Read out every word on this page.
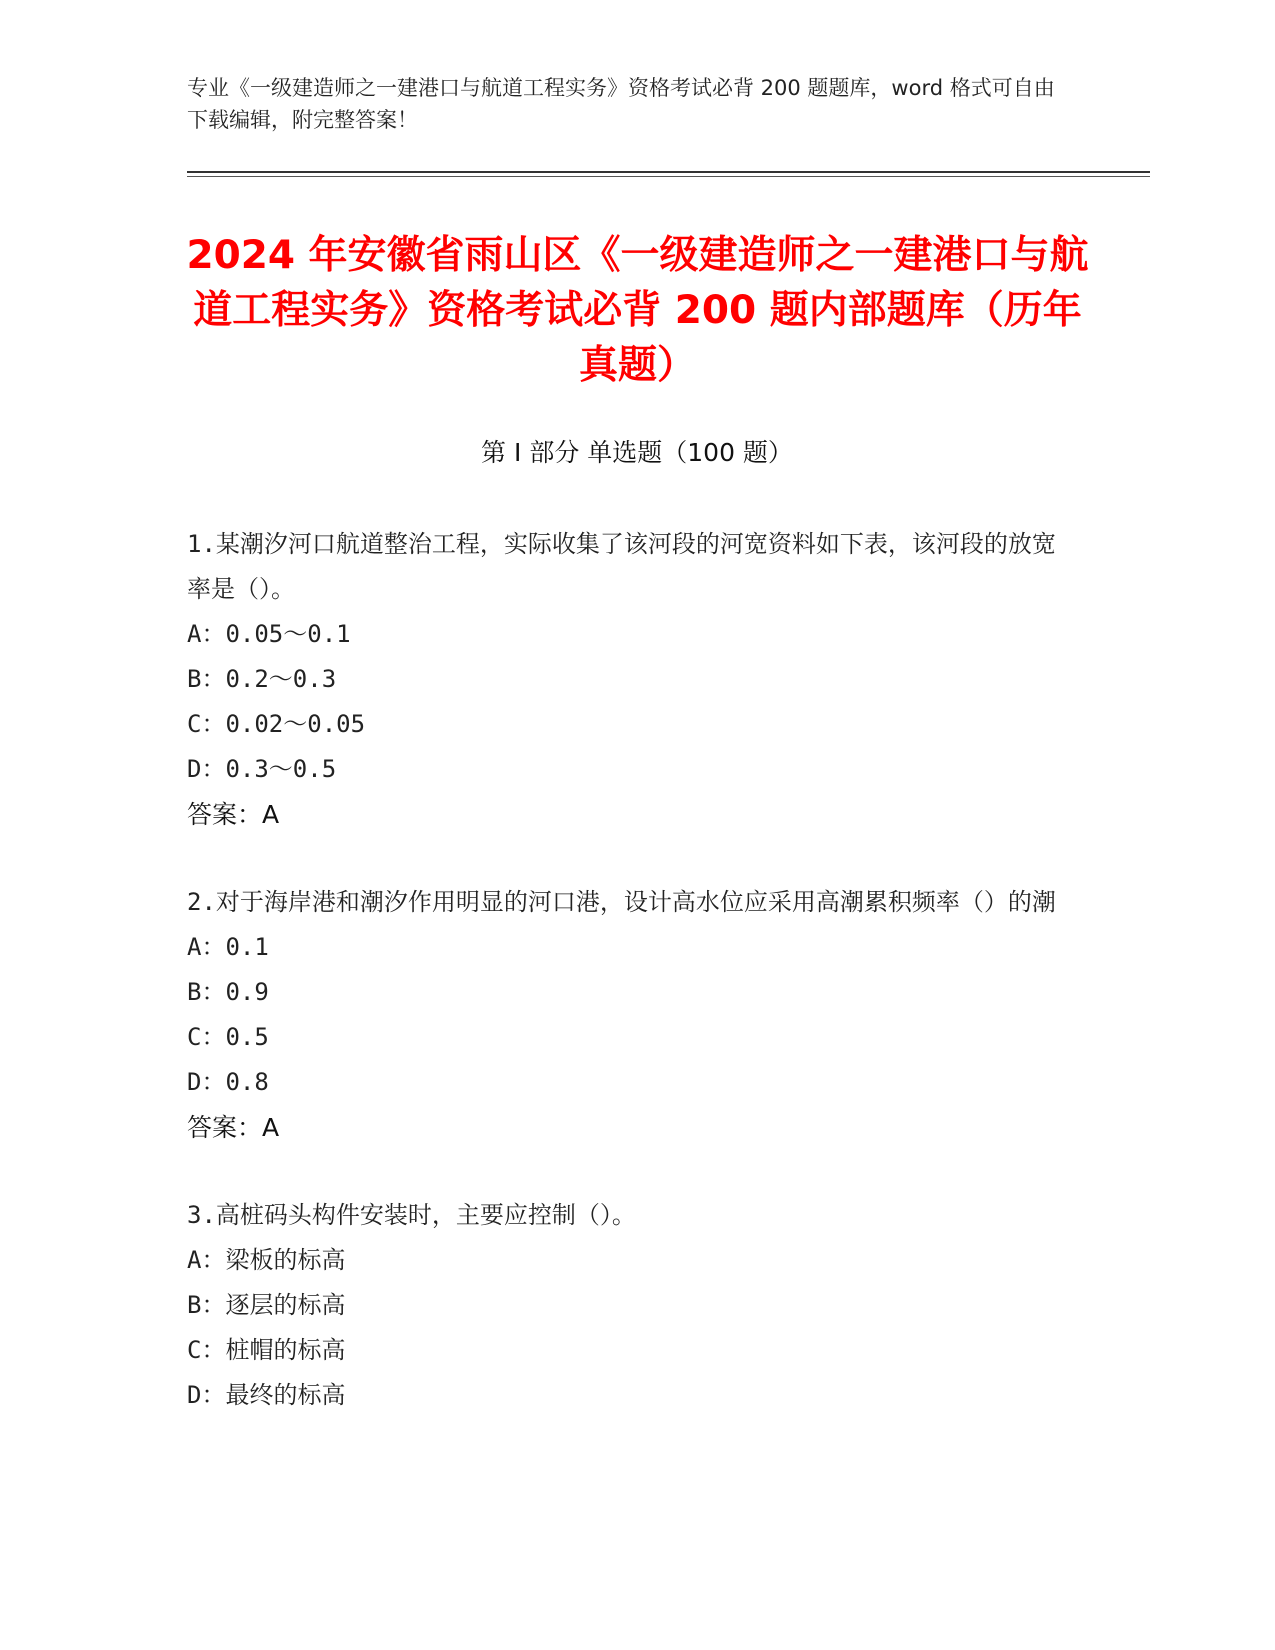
专业《一级建造师之一建港口与航道工程实务》资格考试必背 200 题题库，word 格式可自由下载编辑，附完整答案！
2024 年安徽省雨山区《一级建造师之一建港口与航道工程实务》资格考试必背 200 题内部题库（历年真题）
第 I 部分 单选题（100 题）
1.某潮汐河口航道整治工程，实际收集了该河段的河宽资料如下表，该河段的放宽率是（）。
A：0.05～0.1
B：0.2～0.3
C：0.02～0.05
D：0.3～0.5
答案：A
2.对于海岸港和潮汐作用明显的河口港，设计高水位应采用高潮累积频率（）的潮
A：0.1
B：0.9
C：0.5
D：0.8
答案：A
3.高桩码头构件安装时，主要应控制（）。
A：梁板的标高
B：逐层的标高
C：桩帽的标高
D：最终的标高
